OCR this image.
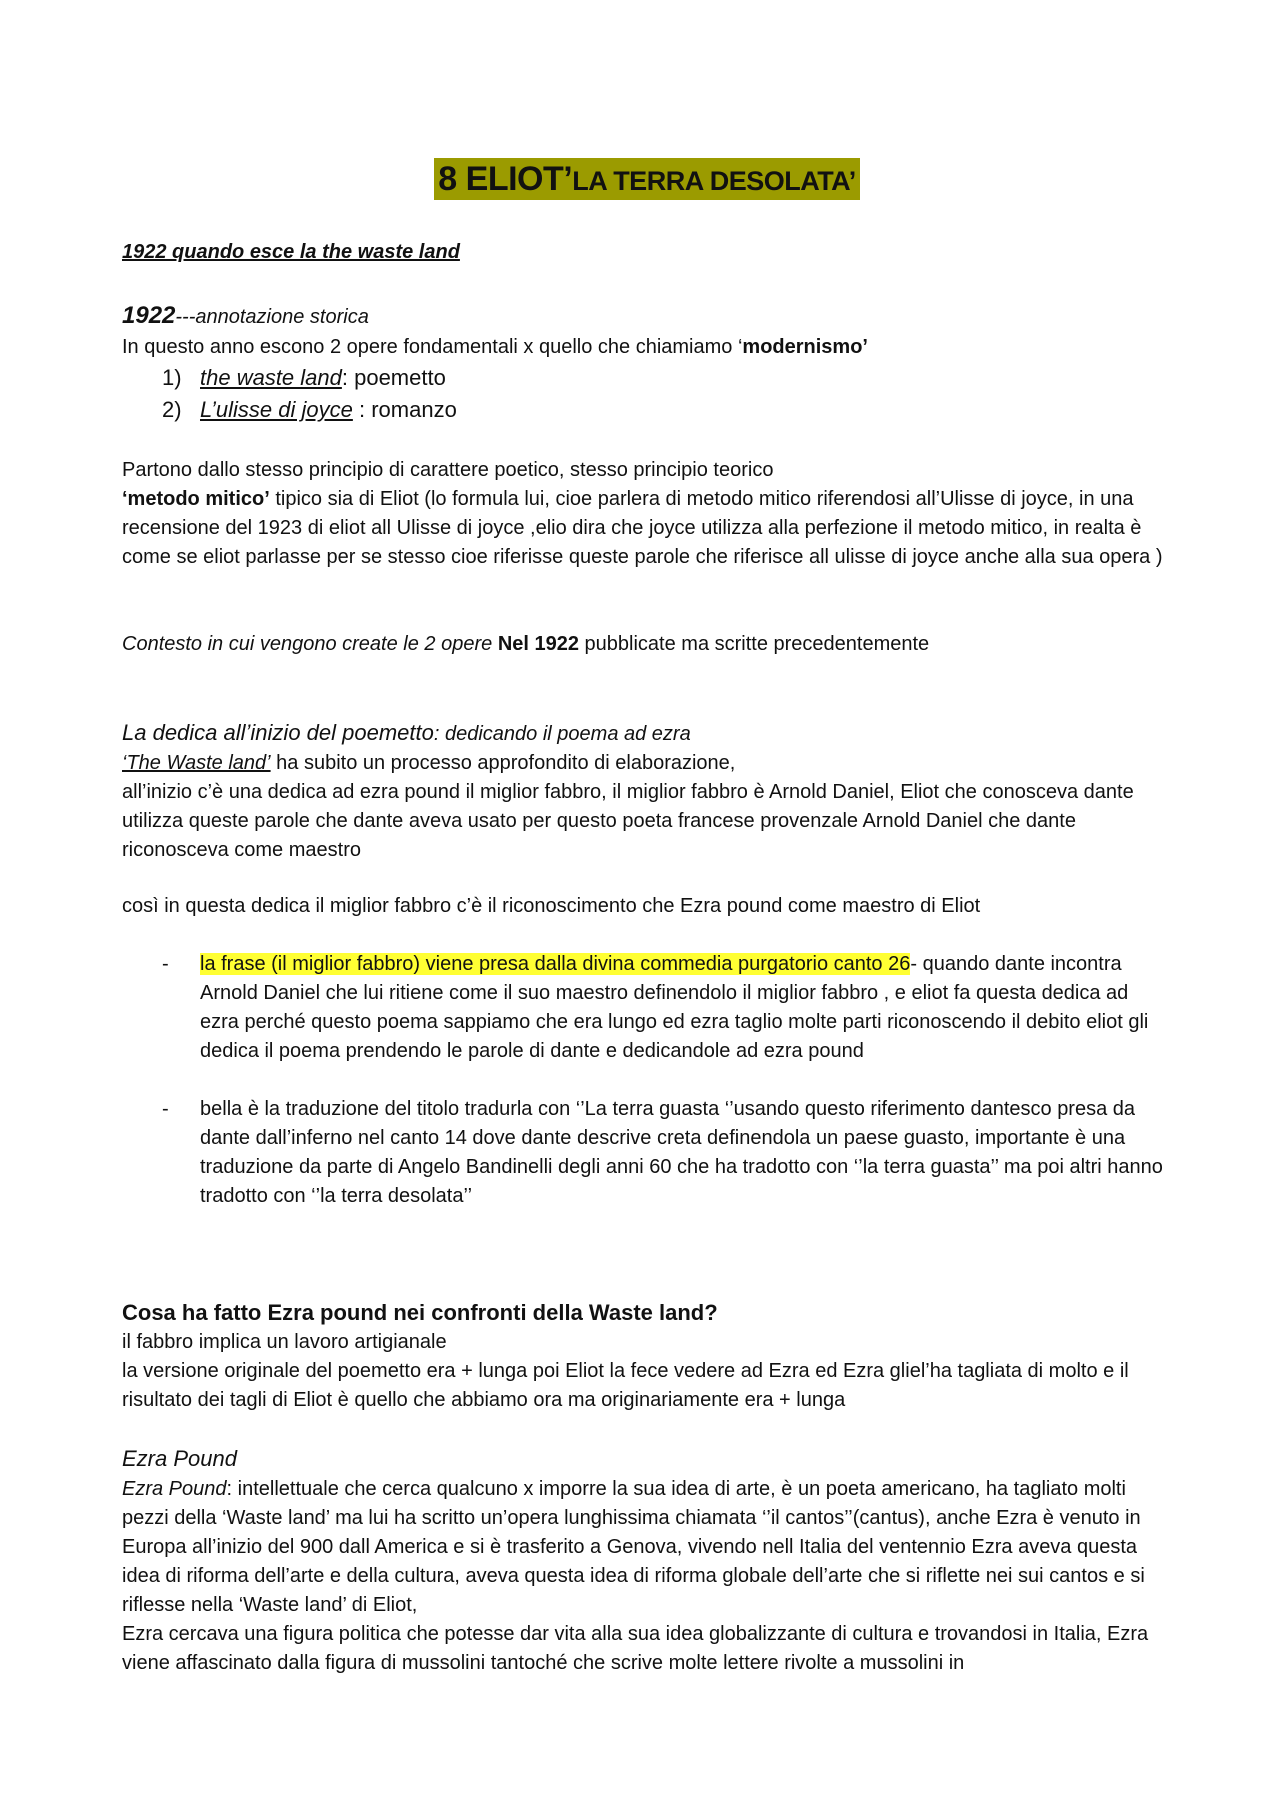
8 ELIOT’LA TERRA DESOLATA’

1922 quando esce la the waste land

1922---annotazione storica

In questo anno escono 2 opere fondamentali x quello che chiamiamo ‘modernismo’

1) the waste land: poemetto
2) L’ulisse di joyce : romanzo

Partono dallo stesso principio di carattere poetico, stesso principio teorico

‘metodo mitico’ tipico sia di Eliot (lo formula lui, cioe parlera di metodo mitico riferendosi all’Ulisse di joyce, in una recensione del 1923 di eliot all Ulisse di joyce ,elio dira che joyce utilizza alla perfezione il metodo mitico, in realta è come se eliot parlasse per se stesso cioe riferisse queste parole che riferisce all ulisse di joyce anche alla sua opera )

Contesto in cui vengono create le 2 opere Nel 1922 pubblicate ma scritte precedentemente

La dedica all’inizio del poemetto: dedicando il poema ad ezra

‘The Waste land’ ha subito un processo approfondito di elaborazione,

all’inizio c’è una dedica ad ezra pound il miglior fabbro, il miglior fabbro è Arnold Daniel, Eliot che conosceva dante utilizza queste parole che dante aveva usato per questo poeta francese provenzale Arnold Daniel che dante riconosceva come maestro

così in questa dedica il miglior fabbro c’è il riconoscimento che Ezra pound come maestro di Eliot

- la frase (il miglior fabbro) viene presa dalla divina commedia purgatorio canto 26- quando dante incontra Arnold Daniel che lui ritiene come il suo maestro definendolo il miglior fabbro , e eliot fa questa dedica ad ezra perché questo poema sappiamo che era lungo ed ezra taglio molte parti riconoscendo il debito eliot gli dedica il poema prendendo le parole di dante e dedicandole ad ezra pound
- bella è la traduzione del titolo tradurla con ‘’La terra guasta ‘’usando questo riferimento dantesco presa da dante dall’inferno nel canto 14 dove dante descrive creta definendola un paese guasto, importante è una traduzione da parte di Angelo Bandinelli degli anni 60 che ha tradotto con ‘’la terra guasta’’ ma poi altri hanno tradotto con ‘’la terra desolata’’

Cosa ha fatto Ezra pound nei confronti della Waste land?

il fabbro implica un lavoro artigianale

la versione originale del poemetto era + lunga poi Eliot la fece vedere ad Ezra ed Ezra gliel’ha tagliata di molto e il risultato dei tagli di Eliot è quello che abbiamo ora ma originariamente era + lunga

Ezra Pound

Ezra Pound: intellettuale che cerca qualcuno x imporre la sua idea di arte, è un poeta americano, ha tagliato molti pezzi della ‘Waste land’ ma lui ha scritto un’opera lunghissima chiamata ‘’il cantos’’(cantus), anche Ezra è venuto in Europa all’inizio del 900 dall America e si è trasferito a Genova, vivendo nell Italia del ventennio Ezra aveva questa idea di riforma dell’arte e della cultura, aveva questa idea di riforma globale dell’arte che si riflette nei sui cantos e si riflesse nella ‘Waste land’ di Eliot,

Ezra cercava una figura politica che potesse dar vita alla sua idea globalizzante di cultura e trovandosi in Italia, Ezra viene affascinato dalla figura di mussolini tantoché che scrive molte lettere rivolte a mussolini in
